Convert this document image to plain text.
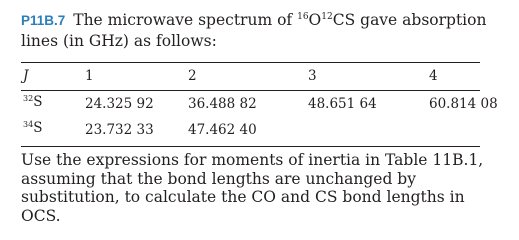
P11B.7 The microwave spectrum of $^{16}O^{12}CS$ gave absorption lines (in GHz) as follows:
J	1	2	3	4
$^{32}$S	24.325 92	36.488 82	48.651 64	60.814 08
$^{34}$S	23.732 33	47.462 40
Use the expressions for moments of inertia in Table 11B.1, assuming that the bond lengths are unchanged by substitution, to calculate the CO and CS bond lengths in OCS.
